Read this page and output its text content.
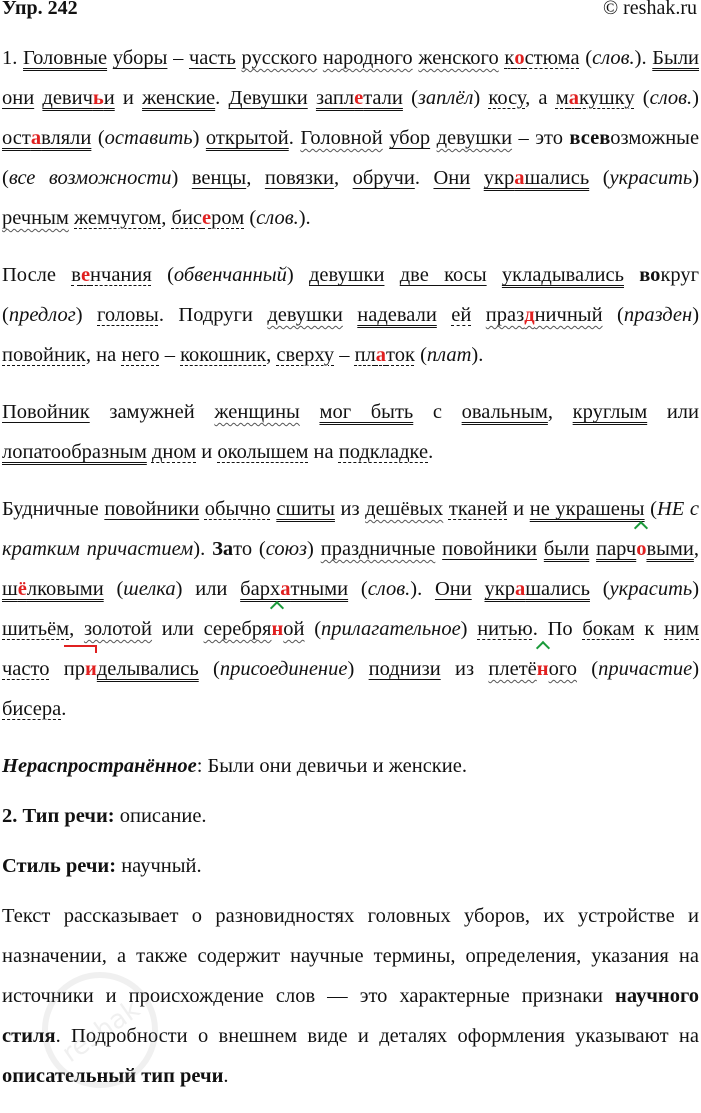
Упр. 242	© reshak.ru

1. Головные уборы – часть русского народного женского костюма (слов.). Были они девичьи и женские. Девушки заплетали (заплёл) косу, а макушку (слов.) оставляли (оставить) открытой. Головной убор девушки – это всевозможные (все возможности) венцы, повязки, обручи. Они украшались (украсить) речным жемчугом, бисером (слов.).

После венчания (обвенчанный) девушки две косы укладывались вокруг (предлог) головы. Подруги девушки надевали ей праздничный (празден) повойник, на него – кокошник, сверху – платок (плат).

Повойник замужней женщины мог быть с овальным, круглым или лопатообразным дном и околышем на подкладке.

Будничные повойники обычно сшиты из дешёвых тканей и не украшены (НЕ с кратким причастием). Зато (союз) праздничные повойники были парчовыми, шёлковыми (шелка) или бархатными (слов.). Они украшались (украсить) шитьём, золотой или серебряной (прилагательное) нитью. По бокам к ним часто приделывались (присоединение) поднизи из плетёного (причастие) бисера.

Нераспространённое: Были они девичьи и женские.

2. Тип речи: описание.

Стиль речи: научный.

Текст рассказывает о разновидностях головных уборов, их устройстве и назначении, а также содержит научные термины, определения, указания на источники и происхождение слов — это характерные признаки научного стиля. Подробности о внешнем виде и деталях оформления указывают на описательный тип речи.

reshak
